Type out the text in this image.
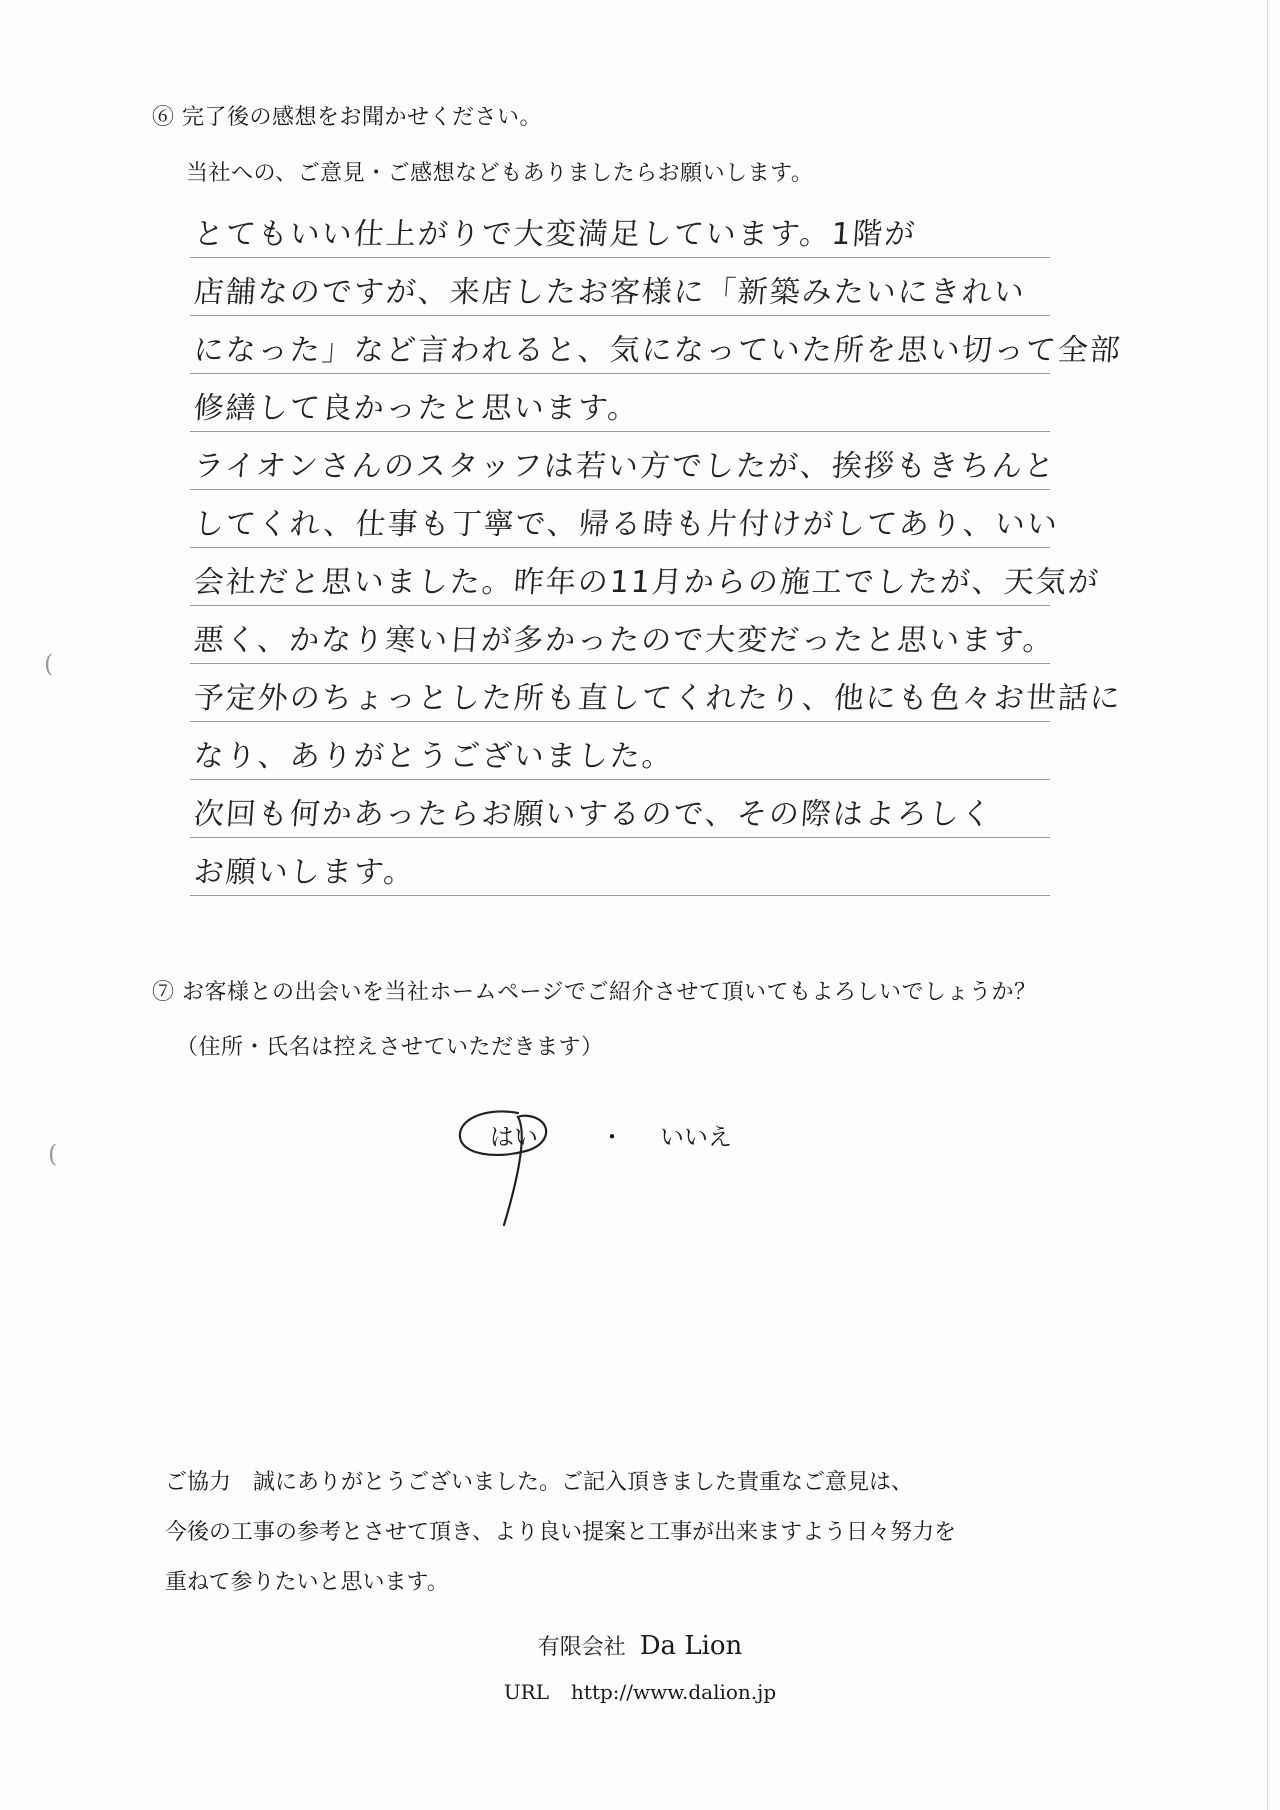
(
(
⑥ 完了後の感想をお聞かせください。
当社への、ご意見・ご感想などもありましたらお願いします。
とてもいい仕上がりで大変満足しています。1階が
店舗なのですが、来店したお客様に「新築みたいにきれい
になった」など言われると、気になっていた所を思い切って全部
修繕して良かったと思います。
ライオンさんのスタッフは若い方でしたが、挨拶もきちんと
してくれ、仕事も丁寧で、帰る時も片付けがしてあり、いい
会社だと思いました。昨年の11月からの施工でしたが、天気が
悪く、かなり寒い日が多かったので大変だったと思います。
予定外のちょっとした所も直してくれたり、他にも色々お世話に
なり、ありがとうございました。
次回も何かあったらお願いするので、その際はよろしく
お願いします。
⑦ お客様との出会いを当社ホームページでご紹介させて頂いてもよろしいでしょうか？
（住所・氏名は控えさせていただきます）
はい	・ いいえ
ご協力　誠にありがとうございました。ご記入頂きました貴重なご意見は、
今後の工事の参考とさせて頂き、より良い提案と工事が出来ますよう日々努力を
重ねて参りたいと思います。
有限会社 Da Lion
URL http://www.dalion.jp
